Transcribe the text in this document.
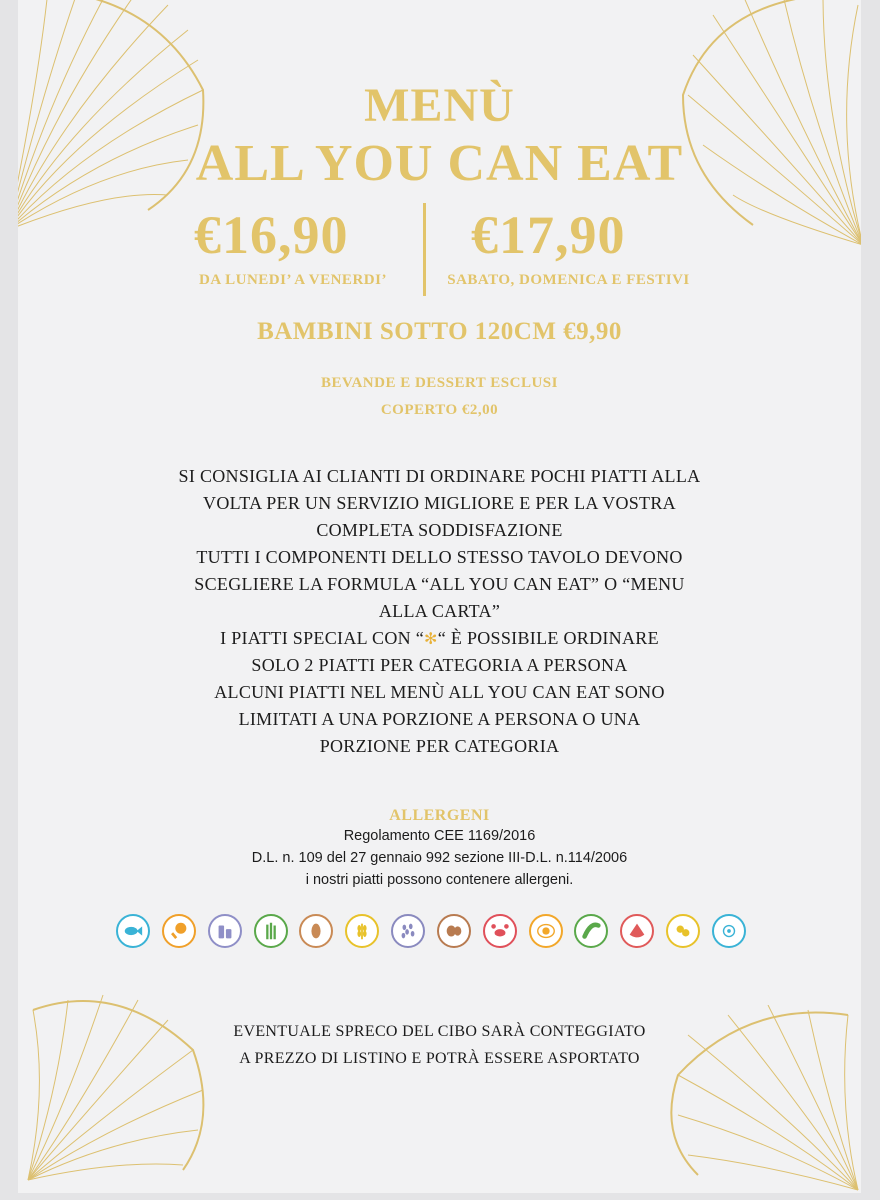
MENÙ
ALL YOU CAN EAT
€16,90
DA LUNEDI’ A VENERDI’
€17,90
SABATO, DOMENICA E FESTIVI
BAMBINI SOTTO 120CM €9,90
BEVANDE E DESSERT ESCLUSI
COPERTO €2,00
SI CONSIGLIA AI CLIANTI DI ORDINARE POCHI PIATTI ALLA
VOLTA PER UN SERVIZIO MIGLIORE E PER LA VOSTRA
COMPLETA SODDISFAZIONE
TUTTI I COMPONENTI DELLO STESSO TAVOLO DEVONO
SCEGLIERE LA FORMULA “ALL YOU CAN EAT” O “MENU
ALLA CARTA”
I PIATTI SPECIAL CON “✻“ È POSSIBILE ORDINARE
SOLO 2 PIATTI PER CATEGORIA A PERSONA
ALCUNI PIATTI NEL MENÙ ALL YOU CAN EAT SONO
LIMITATI A UNA PORZIONE A PERSONA O UNA
PORZIONE PER CATEGORIA
ALLERGENI
Regolamento CEE 1169/2016
D.L. n. 109 del 27 gennaio 992 sezione III-D.L. n.114/2006
i nostri piatti possono contenere allergeni.
EVENTUALE SPRECO DEL CIBO SARÀ CONTEGGIATO
A PREZZO DI LISTINO E POTRÀ ESSERE ASPORTATO
